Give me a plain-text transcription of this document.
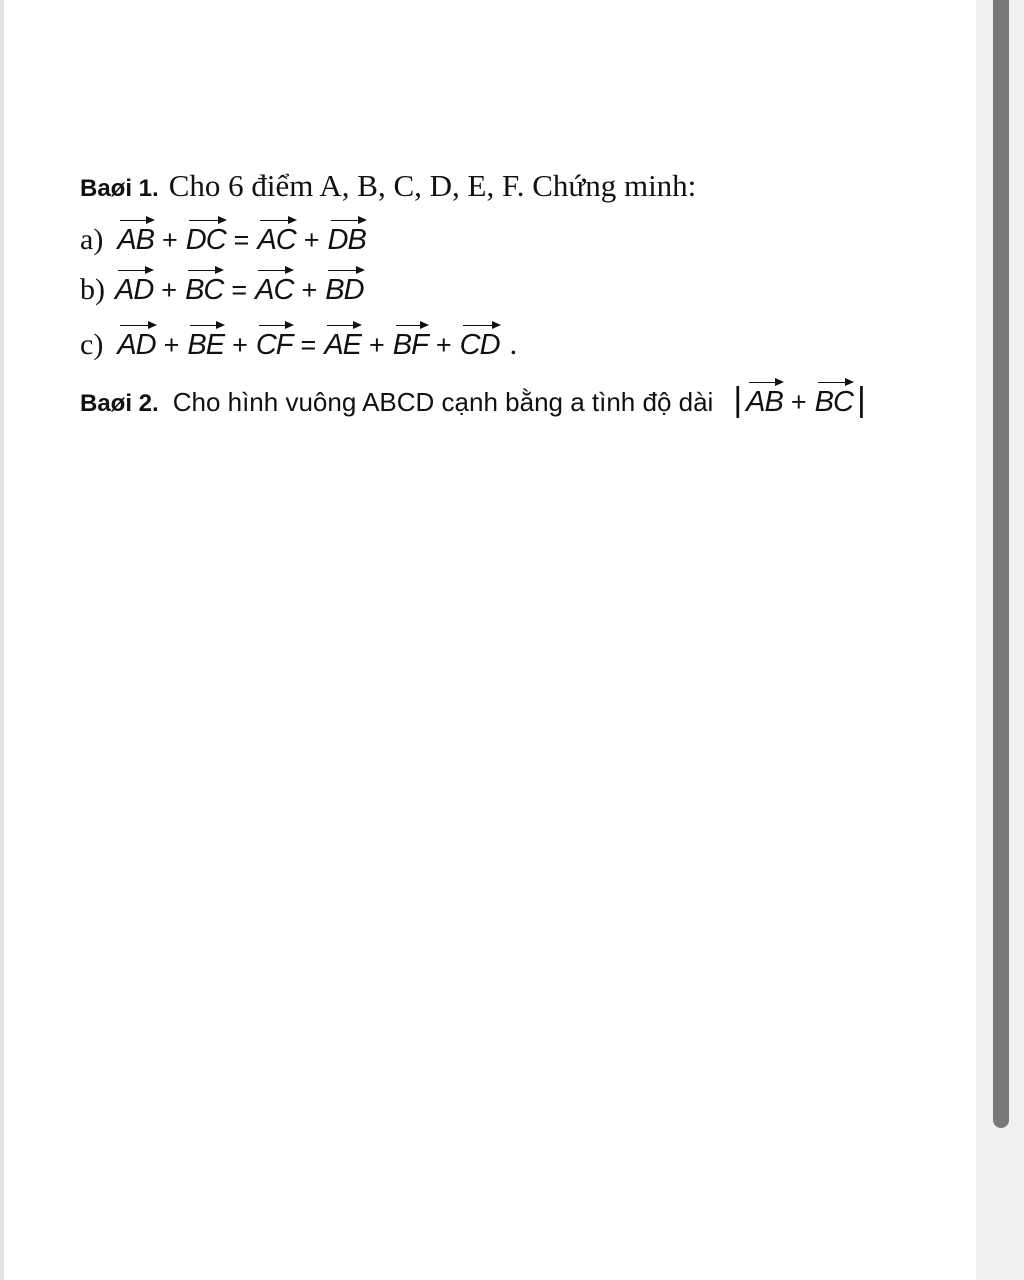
Baøi 1. Cho 6 điểm A, B, C, D, E, F. Chứng minh:
a) AB + DC = AC + DB
b) AD + BC = AC + BD
c) AD + BE + CF = AE + BF + CD .
Baøi 2. Cho hình vuông ABCD cạnh bằng a tình độ dài | AB + BC |
